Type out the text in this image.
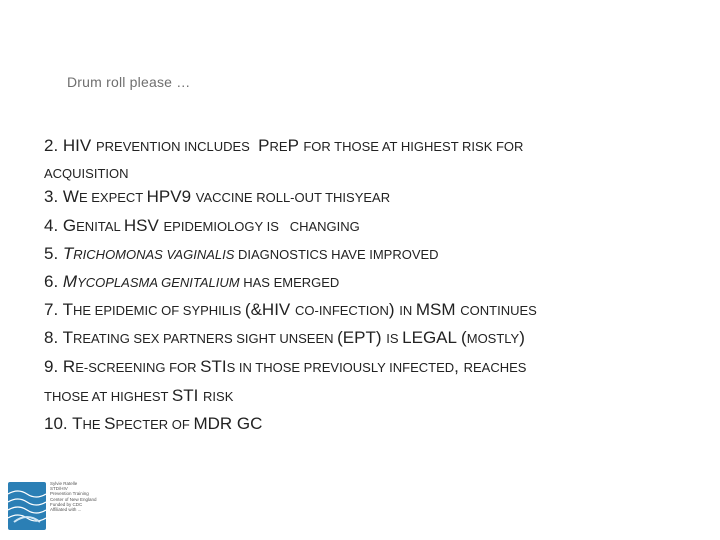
Drum roll please …
2. HIV PREVENTION INCLUDES  PREP FOR THOSE AT HIGHEST RISK FOR
ACQUISITION
3. WE EXPECT HPV9 VACCINE ROLL-OUT THISYEAR
4. GENITAL HSV EPIDEMIOLOGY IS   CHANGING
5. TRICHOMONAS VAGINALIS DIAGNOSTICS HAVE IMPROVED
6. MYCOPLASMA GENITALIUM HAS EMERGED
7. THE EPIDEMIC OF SYPHILIS (&HIV CO-INFECTION) IN MSM CONTINUES
8. TREATING SEX PARTNERS SIGHT UNSEEN (EPT) IS LEGAL (MOSTLY)
9. RE-SCREENING FOR STIS IN THOSE PREVIOUSLY INFECTED, REACHES
THOSE AT HIGHEST STI RISK
10. THE SPECTER OF MDR GC
Sylvie Ratelle
STD/HIV
Prevention Training
Center of New England
Funded by CDC
Affiliated with ...
